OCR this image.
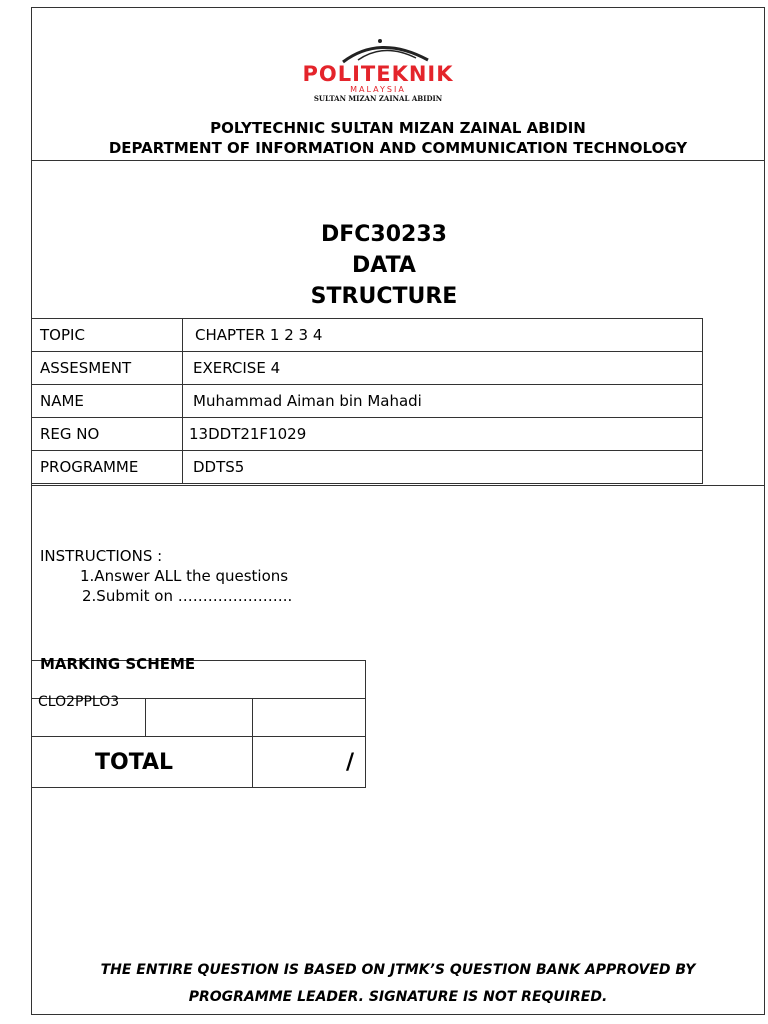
POLITEKNIK
MALAYSIA
SULTAN MIZAN ZAINAL ABIDIN
POLYTECHNIC SULTAN MIZAN ZAINAL ABIDIN
DEPARTMENT OF INFORMATION AND COMMUNICATION TECHNOLOGY
DFC30233
DATA
STRUCTURE
TOPIC	CHAPTER 1 2 3 4
ASSESMENT	EXERCISE 4
NAME	Muhammad Aiman bin Mahadi
REG NO	13DDT21F1029
PROGRAMME	DDTS5
INSTRUCTIONS :
1.Answer ALL the questions
2.Submit on …………………..
MARKING SCHEME
CLO2PPLO3
TOTAL	/
THE ENTIRE QUESTION IS BASED ON JTMK’S QUESTION BANK APPROVED BY
PROGRAMME LEADER. SIGNATURE IS NOT REQUIRED.
